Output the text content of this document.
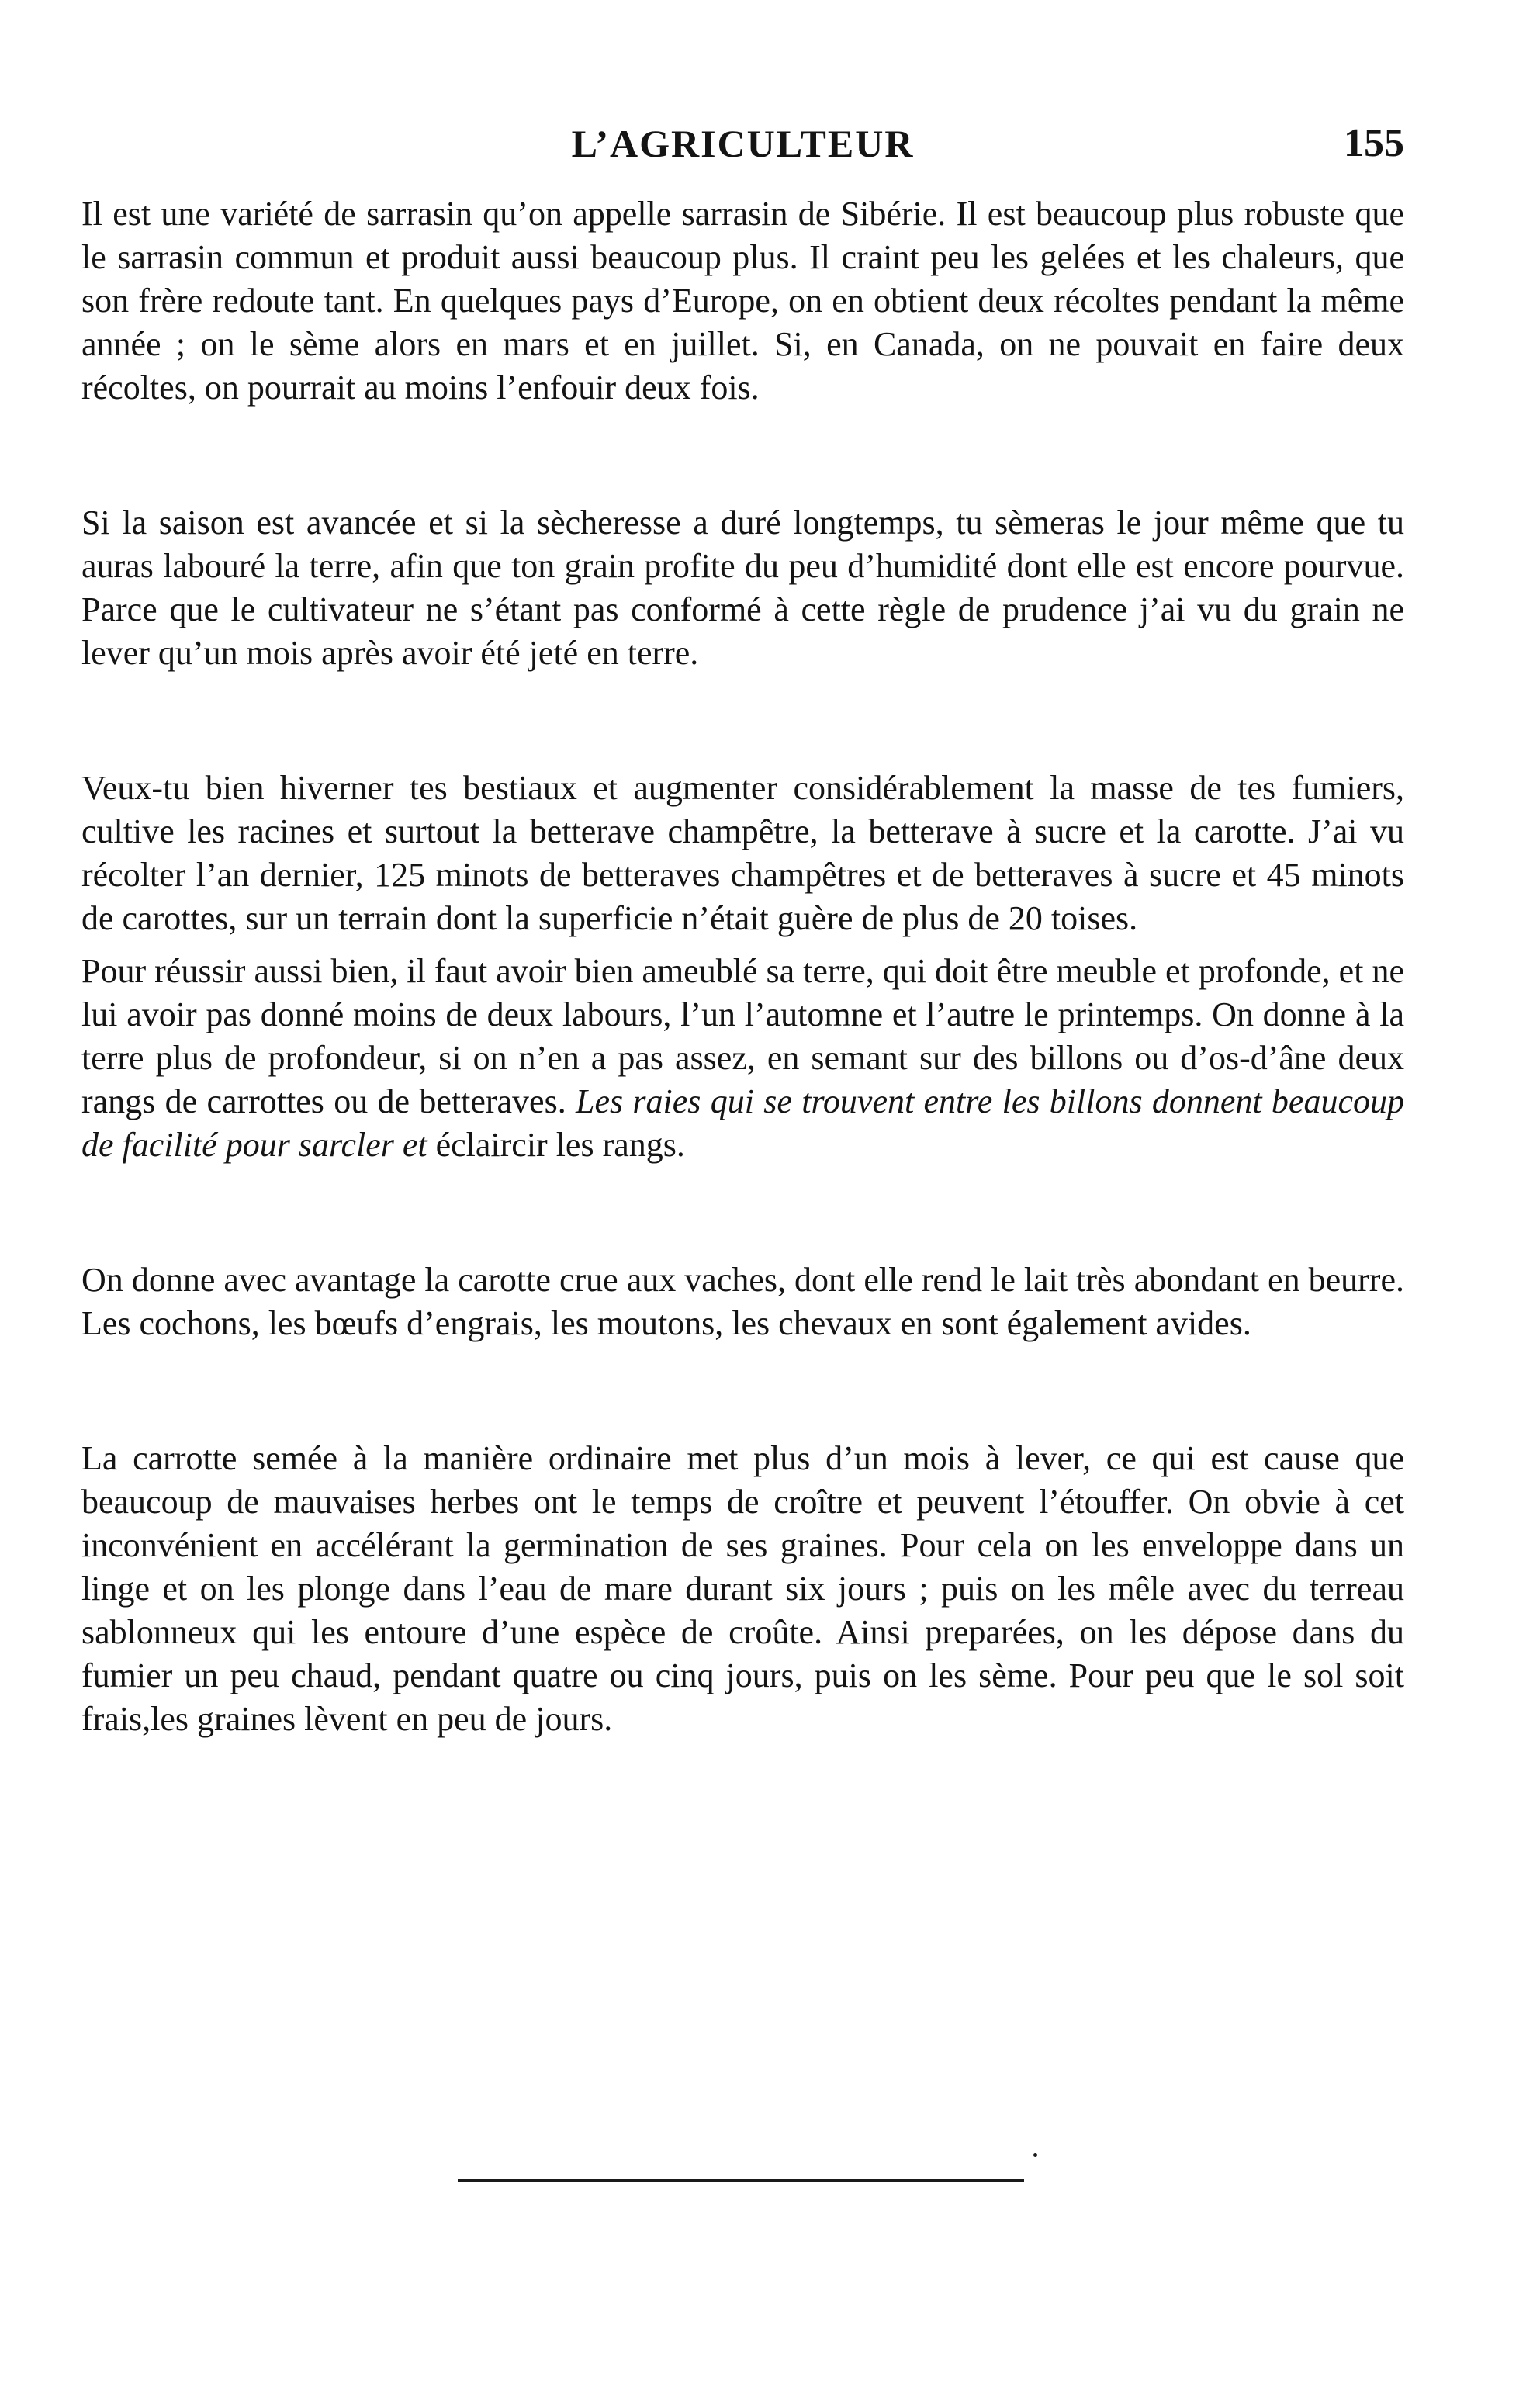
L’AGRICULTEUR	155

Il est une variété de sarrasin qu’on appelle sarrasin de Sibérie. Il est beaucoup plus robuste que le sarrasin commun et produit aussi beaucoup plus. Il craint peu les gelées et les chaleurs, que son frère redoute tant. En quelques pays d’Europe, on en obtient deux récoltes pendant la même année ; on le sème alors en mars et en juillet. Si, en Canada, on ne pouvait en faire deux récoltes, on pourrait au moins l’enfouir deux fois.

Si la saison est avancée et si la sècheresse a duré longtemps, tu sèmeras le jour même que tu auras labouré la terre, afin que ton grain profite du peu d’humidité dont elle est encore pourvue. Parce que le cultivateur ne s’étant pas conformé à cette règle de prudence j’ai vu du grain ne lever qu’un mois après avoir été jeté en terre.

Veux-tu bien hiverner tes bestiaux et augmenter considérablement la masse de tes fumiers, cultive les racines et surtout la betterave champêtre, la betterave à sucre et la carotte. J’ai vu récolter l’an dernier, 125 minots de betteraves champêtres et de betteraves à sucre et 45 minots de carottes, sur un terrain dont la superficie n’était guère de plus de 20 toises.

Pour réussir aussi bien, il faut avoir bien ameublé sa terre, qui doit être meuble et profonde, et ne lui avoir pas donné moins de deux labours, l’un l’automne et l’autre le printemps. On donne à la terre plus de profondeur, si on n’en a pas assez, en semant sur des billons ou d’os-d’âne deux rangs de carrottes ou de betteraves. Les raies qui se trouvent entre les billons donnent beaucoup de facilité pour sarcler et éclaircir les rangs.

On donne avec avantage la carotte crue aux vaches, dont elle rend le lait très abondant en beurre. Les cochons, les bœufs d’engrais, les moutons, les chevaux en sont également avides.

La carrotte semée à la manière ordinaire met plus d’un mois à lever, ce qui est cause que beaucoup de mauvaises herbes ont le temps de croître et peuvent l’étouffer. On obvie à cet inconvénient en accélérant la germination de ses graines. Pour cela on les enveloppe dans un linge et on les plonge dans l’eau de mare durant six jours ; puis on les mêle avec du terreau sablonneux qui les entoure d’une espèce de croûte. Ainsi preparées, on les dépose dans du fumier un peu chaud, pendant quatre ou cinq jours, puis on les sème. Pour peu que le sol soit frais,les graines lèvent en peu de jours.
